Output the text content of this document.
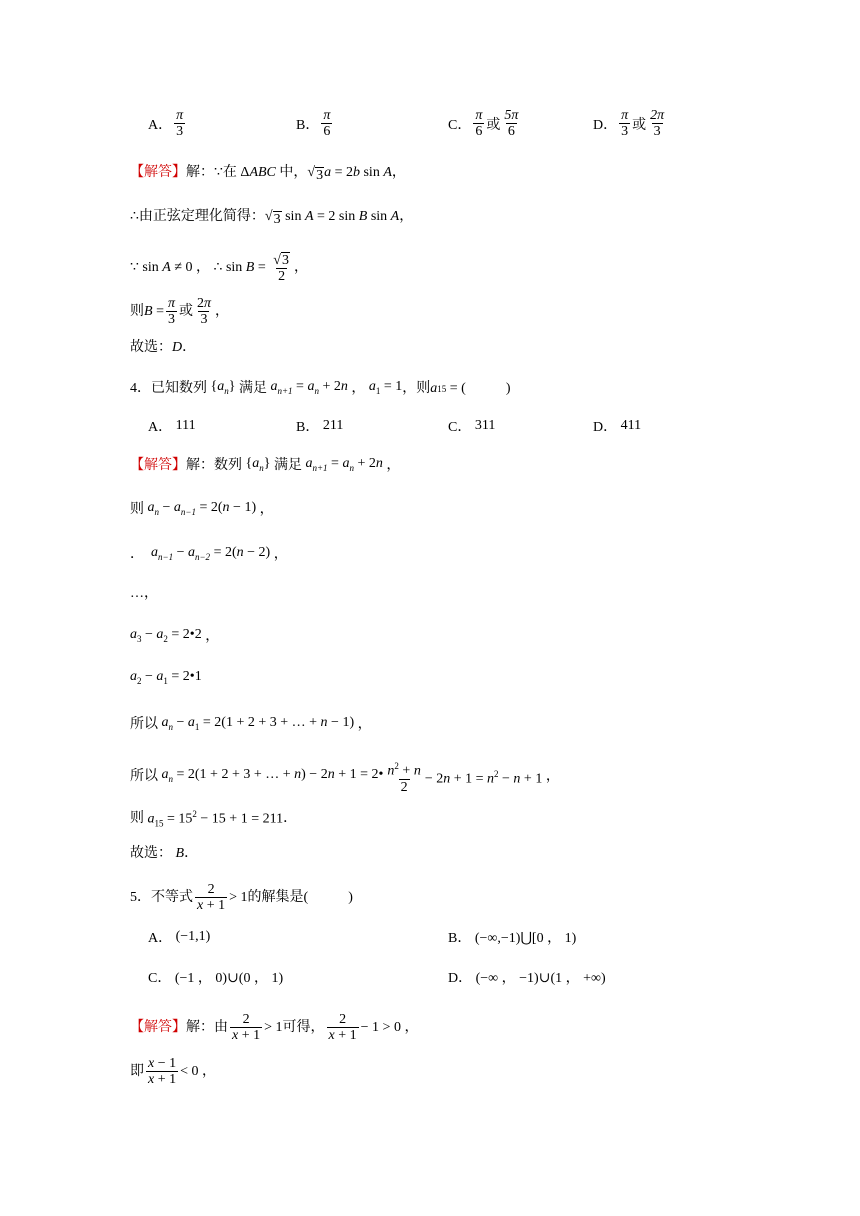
A． $\frac{\pi}{3}$	B． $\frac{\pi}{6}$	C． $\frac{\pi}{6}$ 或 $\frac{5\pi}{6}$	D． $\frac{\pi}{3}$ 或 $\frac{2\pi}{3}$
【解答】 解： ∵ 在 ΔABC 中， √ 3 a = 2 b sin A ，
∴ 由正弦定理化简得： √ 3 sin A = 2 sin B sin A ，
∵ sin A ≠ 0 ，
∴ $\sin B = \frac{√ 3}{2}$ ，
则 $B = \frac{\pi}{3}$ 或 $\frac{2\pi}{3}$ ，
故选： D ．
4． 已知数列 $\{a_n\}$ 满足 $a_{n+1} = a_n + 2n$ ， $a_1 = 1$ ，则 a 15
= (	)
A．
111	B．
211	C．
311	D．
411
【解答】 解：数列 $\{a_n\}$ 满足 $a_{n+1} = a_n + 2n$ ，
则 $a_n - a_{n-1} = 2(n - 1)$ ，
． $a_{n-1} - a_{n-2} = 2(n - 2)$ ，
…，
$a_3 - a_2$ = 2•2 ，
$a_2 - a_1$ = 2•1
所以 $a_n - a_1 = 2(1 + 2 + 3$ + … + n − 1) ，
所以 $a_n = 2(1 + 2 + 3$ + … + n) − 2n + 1 = 2• $\frac{n^2 + n}{2} - 2n + 1 = n^2 - n + 1$ ，
则 $a_{15} = 15^2 - 15 + 1 = 211$ ．
故选：
B ．
5． 不等式 $\frac{2}{x + 1} > 1$ 的解集是 (	)
A．
(−1,1)	B．
(−∞,−1)⋃[0 ， 1)
C．
(−1 ， 0)∪(0 ， 1)	D．
(−∞ ， −1)∪(1 ， +∞)
【解答】 解：由 $\frac{2}{x + 1} > 1$ 可得， $\frac{2}{x + 1} - 1 > 0$ ，
即 $\frac{x - 1}{x + 1} < 0$ ，
